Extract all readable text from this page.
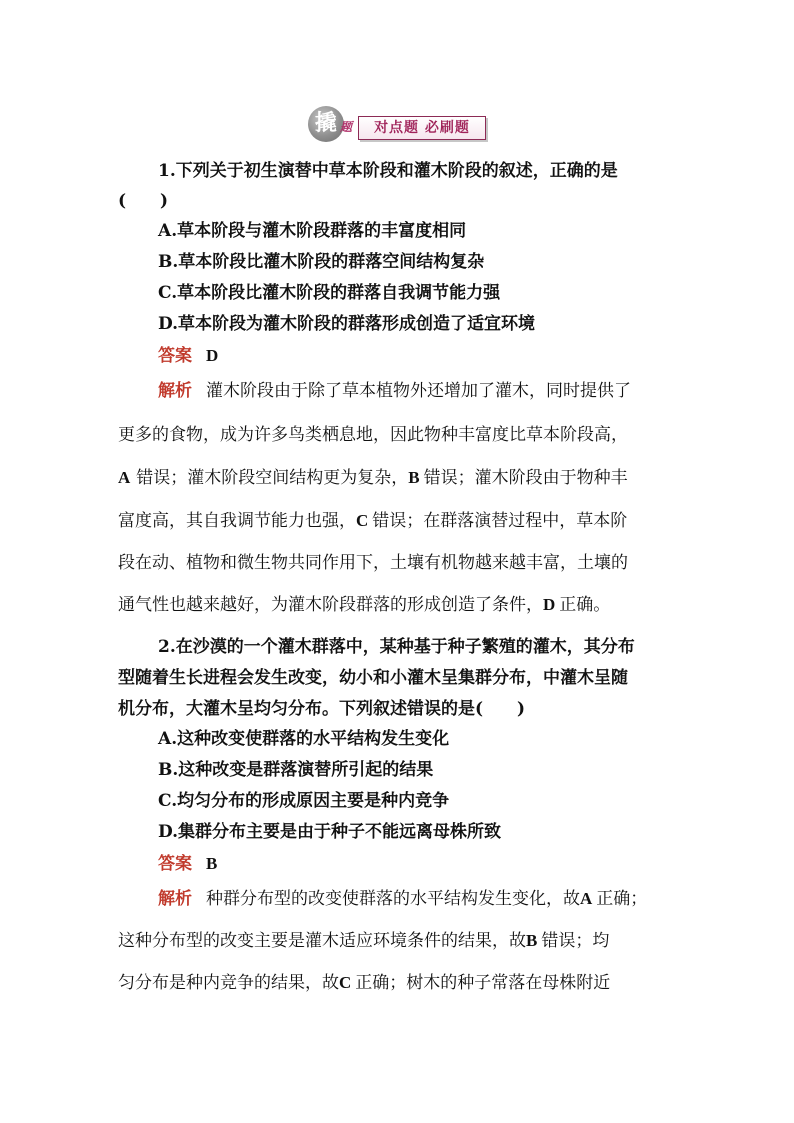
撬 题	对点题 必刷题
1.下列关于初生演替中草本阶段和灌木阶段的叙述，正确的是
(　　)
A.草本阶段与灌木阶段群落的丰富度相同
B.草本阶段比灌木阶段的群落空间结构复杂
C.草本阶段比灌木阶段的群落自我调节能力强
D.草本阶段为灌木阶段的群落形成创造了适宜环境
答案 D
解析 灌木阶段由于除了草本植物外还增加了灌木，同时提供了
更多的食物，成为许多鸟类栖息地，因此物种丰富度比草本阶段高，
A 错误；灌木阶段空间结构更为复杂，B 错误；灌木阶段由于物种丰
富度高，其自我调节能力也强，C 错误；在群落演替过程中，草本阶
段在动、植物和微生物共同作用下，土壤有机物越来越丰富，土壤的
通气性也越来越好，为灌木阶段群落的形成创造了条件，D 正确。
2.在沙漠的一个灌木群落中，某种基于种子繁殖的灌木，其分布
型随着生长进程会发生改变，幼小和小灌木呈集群分布，中灌木呈随
机分布，大灌木呈均匀分布。下列叙述错误的是(　　)
A.这种改变使群落的水平结构发生变化
B.这种改变是群落演替所引起的结果
C.均匀分布的形成原因主要是种内竞争
D.集群分布主要是由于种子不能远离母株所致
答案 B
解析 种群分布型的改变使群落的水平结构发生变化，故A 正确；
这种分布型的改变主要是灌木适应环境条件的结果，故B 错误；均
匀分布是种内竞争的结果，故C 正确；树木的种子常落在母株附近
